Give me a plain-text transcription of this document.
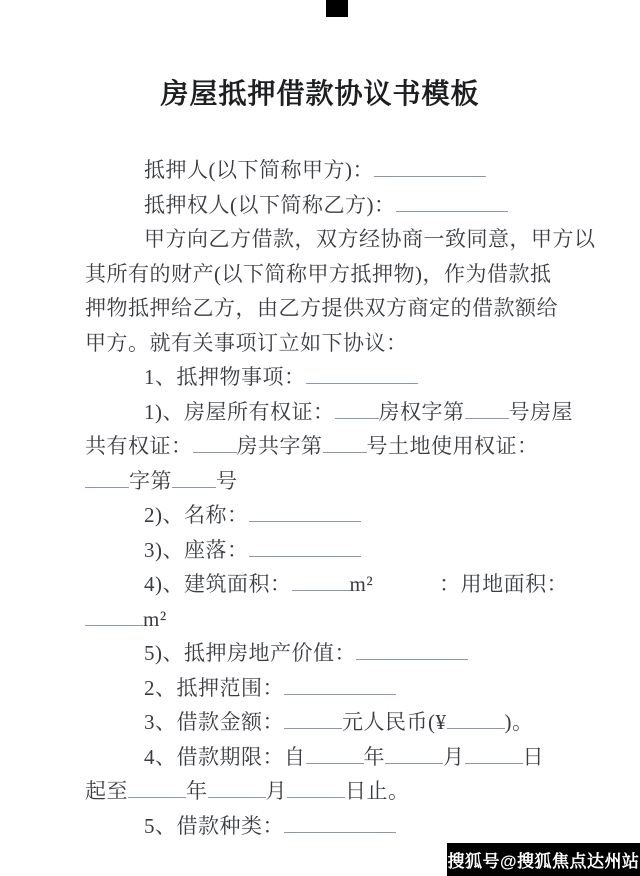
房屋抵押借款协议书模板
抵押人(以下简称甲方)：
抵押权人(以下简称乙方)：
甲方向乙方借款，双方经协商一致同意，甲方以
其所有的财产(以下简称甲方抵押物)，作为借款抵
押物抵押给乙方，由乙方提供双方商定的借款额给
甲方。就有关事项订立如下协议：
1、抵押物事项：
1)、房屋所有权证： 房权字第 号房屋
共有权证： 房共字第 号土地使用权证：
字第 号
2)、名称：
3)、座落：
4)、建筑面积：	m²	：用地面积：
m²
5)、抵押房地产价值：
2、抵押范围：
3、借款金额：	元人民币(¥	)。
4、借款期限：自	年	月	日
起至	年	月	日止。
5、借款种类：
搜狐号@搜狐焦点达州站
